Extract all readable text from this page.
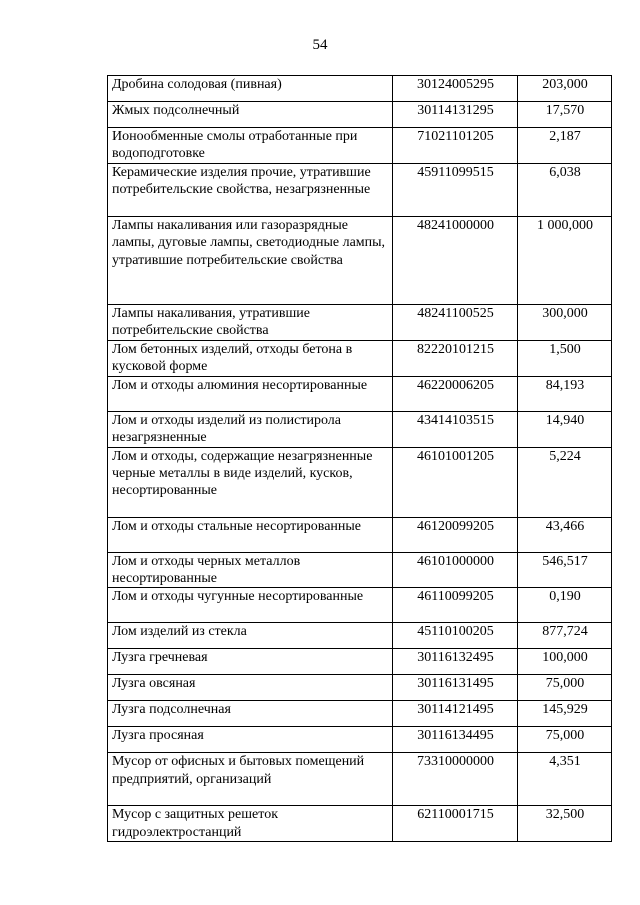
54
Дробина солодовая (пивная)	30124005295	203,000
Жмых подсолнечный	30114131295	17,570
Ионообменные смолы отработанные при водоподготовке	71021101205	2,187
Керамические изделия прочие, утратившие потребительские свойства, незагрязненные	45911099515	6,038
Лампы накаливания или газоразрядные лампы, дуговые лампы, светодиодные лампы, утратившие потребительские свойства	48241000000	1 000,000
Лампы накаливания, утратившие потребительские свойства	48241100525	300,000
Лом бетонных изделий, отходы бетона в кусковой форме	82220101215	1,500
Лом и отходы алюминия несортированные	46220006205	84,193
Лом и отходы изделий из полистирола незагрязненные	43414103515	14,940
Лом и отходы, содержащие незагрязненные черные металлы в виде изделий, кусков, несортированные	46101001205	5,224
Лом и отходы стальные несортированные	46120099205	43,466
Лом и отходы черных металлов несортированные	46101000000	546,517
Лом и отходы чугунные несортированные	46110099205	0,190
Лом изделий из стекла	45110100205	877,724
Лузга гречневая	30116132495	100,000
Лузга овсяная	30116131495	75,000
Лузга подсолнечная	30114121495	145,929
Лузга просяная	30116134495	75,000
Мусор от офисных и бытовых помещений предприятий, организаций	73310000000	4,351
Мусор с защитных решеток гидроэлектростанций	62110001715	32,500
